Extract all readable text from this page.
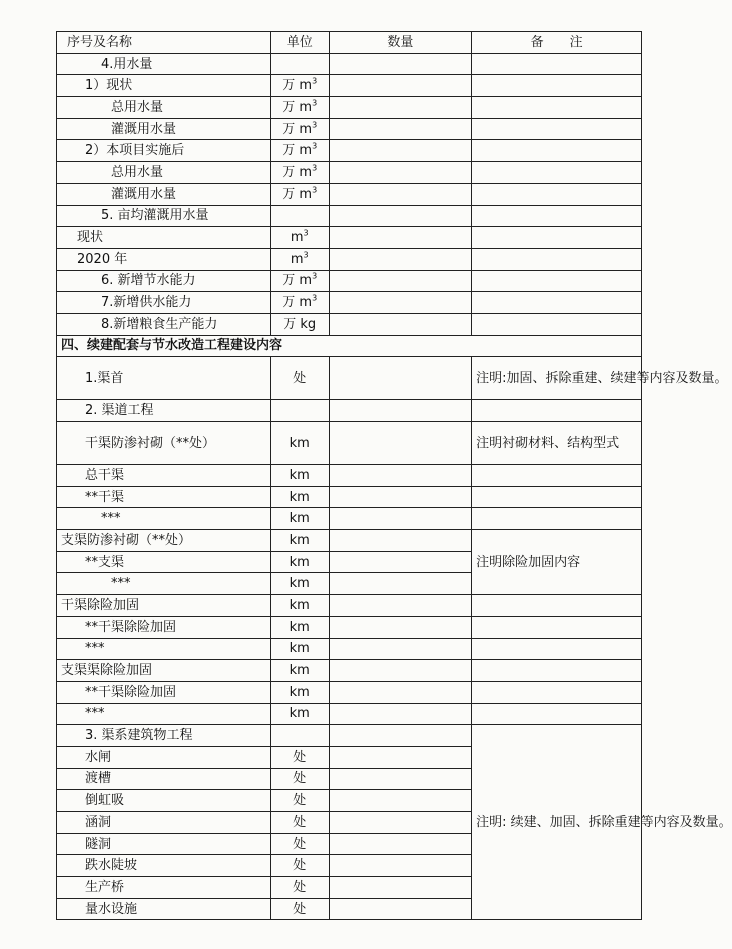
序号及名称	单位	数量	备　　注
4.用水量			
1）现状	万 $m^3$		
总用水量	万 $m^3$		
灌溉用水量	万 $m^3$		
2）本项目实施后	万 $m^3$		
总用水量	万 $m^3$		
灌溉用水量	万 $m^3$		
5. 亩均灌溉用水量			
现状	$m^3$		
2020 年	$m^3$		
6. 新增节水能力	万 $m^3$		
7.新增供水能力	万 $m^3$		
8.新增粮食生产能力	万 kg		
四、续建配套与节水改造工程建设内容			
1.渠首	处		注明:加固、拆除重建、续建等内容及数量。
2. 渠道工程			
干渠防渗衬砌（**处）	km		注明衬砌材料、结构型式
总干渠	km		
**干渠	km		
***	km		
支渠防渗衬砌（**处）	km		注明除险加固内容
**支渠	km		
***	km		
干渠除险加固	km		
**干渠除险加固	km		
***	km		
支渠渠除险加固	km		
**干渠除险加固	km		
***	km		
3. 渠系建筑物工程			注明: 续建、加固、拆除重建等内容及数量。
水闸	处		
渡槽	处		
倒虹吸	处		
涵洞	处		
隧洞	处		
跌水陡坡	处		
生产桥	处		
量水设施	处		
